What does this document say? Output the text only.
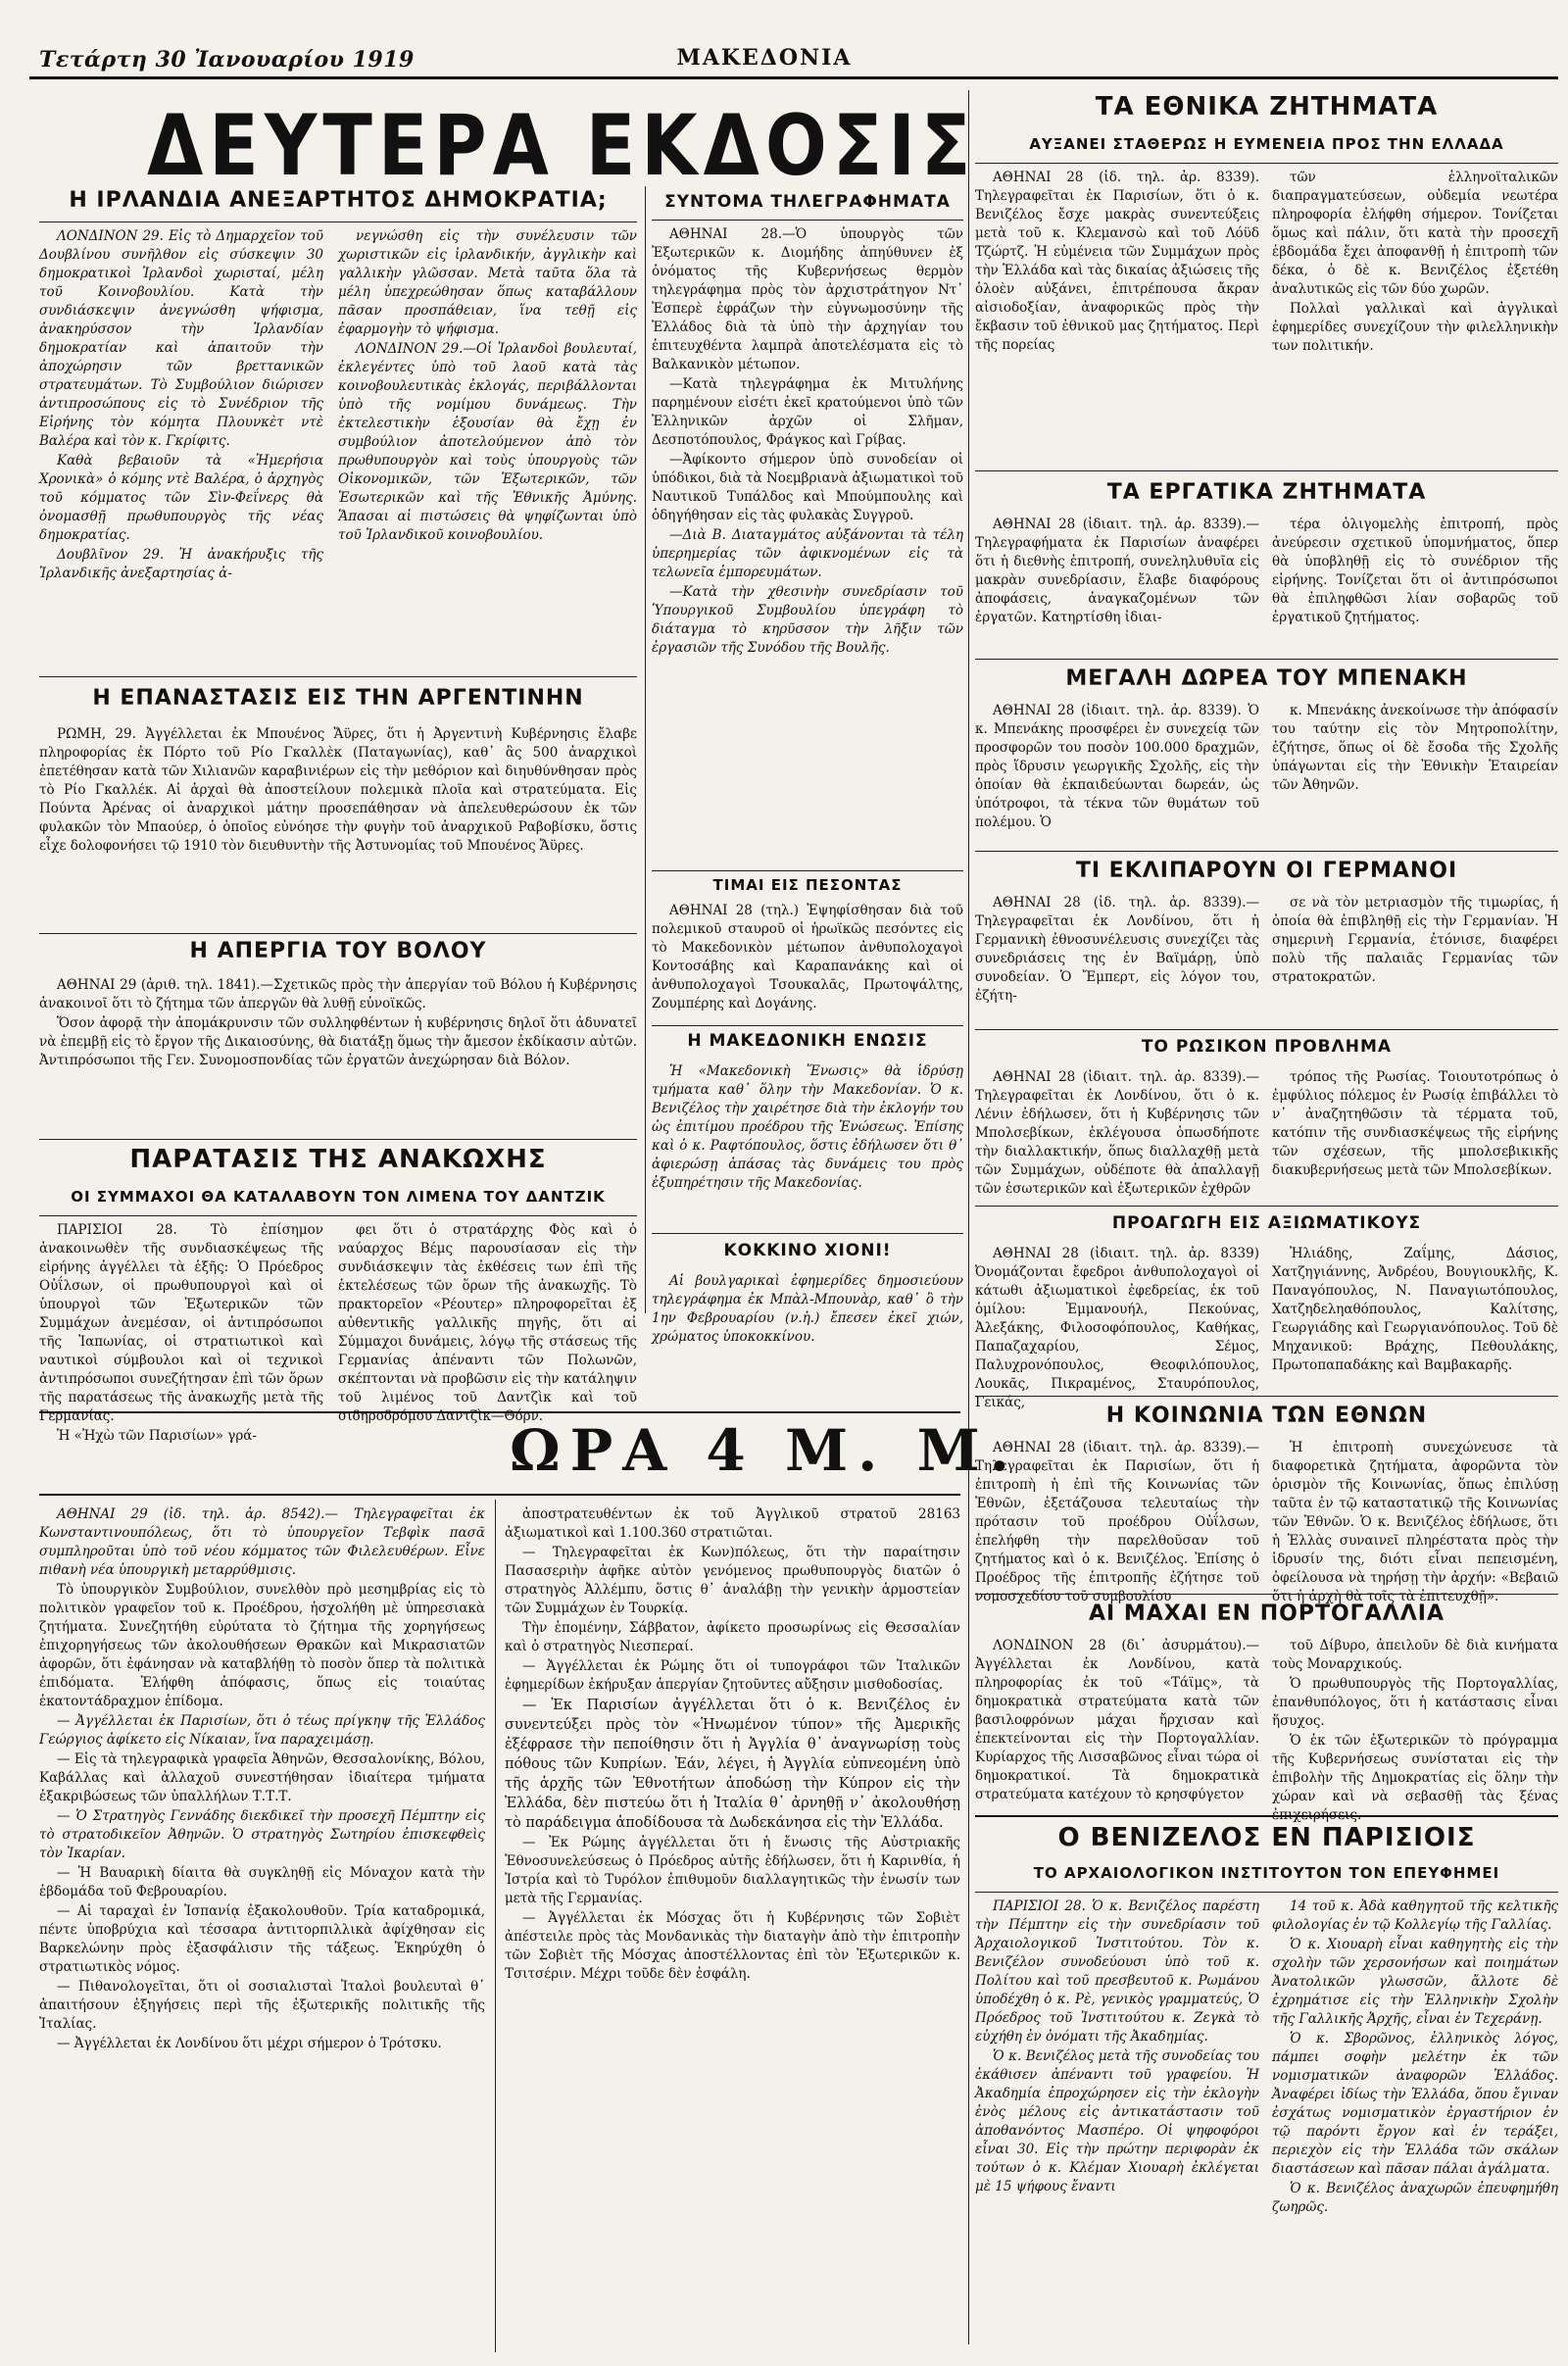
Τετάρτη 30 Ἰανουαρίου 1919	ΜΑΚΕΔΟΝΙΑ
ΔΕΥΤΕΡΑ ΕΚΔΟΣΙΣ
Η ΙΡΛΑΝΔΙΑ ΑΝΕΞΑΡΤΗΤΟΣ ΔΗΜΟΚΡΑΤΙΑ;

ΛΟΝΔΙΝΟΝ 29. Εἰς τὸ Δημαρχεῖον τοῦ Δουβλίνου συνῆλθον εἰς σύσκεψιν 30 δημοκρατικοὶ Ἰρλανδοὶ χωρισταί, μέλη τοῦ Κοινοβουλίου. Κατὰ τὴν συνδιάσκεψιν ἀνεγνώσθη ψήφισμα, ἀνακηρύσσον τὴν Ἰρλανδίαν δημοκρατίαν καὶ ἀπαιτοῦν τὴν ἀποχώρησιν τῶν βρεττανικῶν στρατευμάτων. Τὸ Συμβούλιον διώρισεν ἀντιπροσώπους εἰς τὸ Συνέδριον τῆς Εἰρήνης τὸν κόμητα Πλουνκὲτ ντὲ Βαλέρα καὶ τὸν κ. Γκρίφιτς.

Καθὰ βεβαιοῦν τὰ «Ἡμερήσια Χρονικὰ» ὁ κόμης ντὲ Βαλέρα, ὁ ἀρχηγὸς τοῦ κόμματος τῶν Σὶν-Φεΐνερς θὰ ὀνομασθῇ πρωθυπουργὸς τῆς νέας δημοκρατίας.

Δουβλῖνον 29. Ἡ ἀνακήρυξις τῆς Ἰρλανδικῆς ἀνεξαρτησίας ἀ-

νεγνώσθη εἰς τὴν συνέλευσιν τῶν χωριστικῶν εἰς ἰρλανδικήν, ἀγγλικὴν καὶ γαλλικὴν γλῶσσαν. Μετὰ ταῦτα ὅλα τὰ μέλη ὑπεχρεώθησαν ὅπως καταβάλλουν πᾶσαν προσπάθειαν, ἵνα τεθῇ εἰς ἐφαρμογὴν τὸ ψήφισμα.

ΛΟΝΔΙΝΟΝ 29.—Οἱ Ἰρλανδοὶ βουλευταί, ἐκλεγέντες ὑπὸ τοῦ λαοῦ κατὰ τὰς κοινοβουλευτικὰς ἐκλογάς, περιβάλλονται ὑπὸ τῆς νομίμου δυνάμεως. Τὴν ἐκτελεστικὴν ἐξουσίαν θὰ ἔχῃ ἐν συμβούλιον ἀποτελούμενον ἀπὸ τὸν πρωθυπουργὸν καὶ τοὺς ὑπουργοὺς τῶν Οἰκονομικῶν, τῶν Ἐξωτερικῶν, τῶν Ἐσωτερικῶν καὶ τῆς Ἐθνικῆς Ἀμύνης. Ἅπασαι αἱ πιστώσεις θὰ ψηφίζωνται ὑπὸ τοῦ Ἰρλανδικοῦ κοινοβουλίου.

Η ΕΠΑΝΑΣΤΑΣΙΣ ΕΙΣ ΤΗΝ ΑΡΓΕΝΤΙΝΗΝ

ΡΩΜΗ, 29. Ἀγγέλλεται ἐκ Μπουένος Ἄϋρες, ὅτι ἡ Ἀργεντινὴ Κυβέρνησις ἔλαβε πληροφορίας ἐκ Πόρτο τοῦ Ρίο Γκαλλὲκ (Παταγωνίας), καθ᾽ ἃς 500 ἀναρχικοὶ ἐπετέθησαν κατὰ τῶν Χιλιανῶν καραβινιέρων εἰς τὴν μεθόριον καὶ διηυθύνθησαν πρὸς τὸ Ρίο Γκαλλέκ. Αἱ ἀρχαὶ θὰ ἀποστείλουν πολεμικὰ πλοῖα καὶ στρατεύματα. Εἰς Πούντα Ἀρένας οἱ ἀναρχικοὶ μάτην προσεπάθησαν νὰ ἀπελευθερώσουν ἐκ τῶν φυλακῶν τὸν Μπαούερ, ὁ ὁποῖος εὐνόησε τὴν φυγὴν τοῦ ἀναρχικοῦ Ραβοβίσκυ, ὅστις εἶχε δολοφονήσει τῷ 1910 τὸν διευθυντὴν τῆς Ἀστυνομίας τοῦ Μπουένος Ἄϋρες.

Η ΑΠΕΡΓΙΑ ΤΟΥ ΒΟΛΟΥ

ΑΘΗΝΑΙ 29 (ἀριθ. τηλ. 1841).—Σχετικῶς πρὸς τὴν ἀπεργίαν τοῦ Βόλου ἡ Κυβέρνησις ἀνακοινοῖ ὅτι τὸ ζήτημα τῶν ἀπεργῶν θὰ λυθῇ εὐνοϊκῶς.

Ὅσον ἀφορᾷ τὴν ἀπομάκρυνσιν τῶν συλληφθέντων ἡ κυβέρνησις δηλοῖ ὅτι ἀδυνατεῖ νὰ ἐπεμβῇ εἰς τὸ ἔργον τῆς Δικαιοσύνης, θὰ διατάξῃ ὅμως τὴν ἄμεσον ἐκδίκασιν αὐτῶν. Ἀντιπρόσωποι τῆς Γεν. Συνομοσπονδίας τῶν ἐργατῶν ἀνεχώρησαν διὰ Βόλον.

ΠΑΡΑΤΑΣΙΣ ΤΗΣ ΑΝΑΚΩΧΗΣ
ΟΙ ΣΥΜΜΑΧΟΙ ΘΑ ΚΑΤΑΛΑΒΟΥΝ ΤΟΝ ΛΙΜΕΝΑ ΤΟΥ ΔΑΝΤΖΙΚ

ΠΑΡΙΣΙΟΙ 28. Τὸ ἐπίσημον ἀνακοινωθὲν τῆς συνδιασκέψεως τῆς εἰρήνης ἀγγέλλει τὰ ἑξῆς: Ὁ Πρόεδρος Οὐΐλσων, οἱ πρωθυπουργοὶ καὶ οἱ ὑπουργοὶ τῶν Ἐξωτερικῶν τῶν Συμμάχων ἀνεμέσαν, οἱ ἀντιπρόσωποι τῆς Ἰαπωνίας, οἱ στρατιωτικοὶ καὶ ναυτικοὶ σύμβουλοι καὶ οἱ τεχνικοὶ ἀντιπρόσωποι συνεζήτησαν ἐπὶ τῶν ὅρων τῆς παρατάσεως τῆς ἀνακωχῆς μετὰ τῆς Γερμανίας.

Ἡ «Ἠχὼ τῶν Παρισίων» γρά-

φει ὅτι ὁ στρατάρχης Φὸς καὶ ὁ ναύαρχος Βέμς παρουσίασαν εἰς τὴν συνδιάσκεψιν τὰς ἐκθέσεις των ἐπὶ τῆς ἐκτελέσεως τῶν ὅρων τῆς ἀνακωχῆς. Τὸ πρακτορεῖον «Ρέουτερ» πληροφορεῖται ἐξ αὐθεντικῆς γαλλικῆς πηγῆς, ὅτι αἱ Σύμμαχοι δυνάμεις, λόγῳ τῆς στάσεως τῆς Γερμανίας ἀπέναντι τῶν Πολωνῶν, σκέπτονται νὰ προβῶσιν εἰς τὴν κατάληψιν τοῦ λιμένος τοῦ Δαντζὶκ καὶ τοῦ σιδηροδρόμου Δαντζὶκ—Θόρν.

ΣΥΝΤΟΜΑ ΤΗΛΕΓΡΑΦΗΜΑΤΑ

ΑΘΗΝΑΙ 28.—Ὁ ὑπουργὸς τῶν Ἐξωτερικῶν κ. Διομήδης ἀπηύθυνεν ἐξ ὀνόματος τῆς Κυβερνήσεως θερμὸν τηλεγράφημα πρὸς τὸν ἀρχιστράτηγον Ντ᾽ Ἐσπερὲ ἐφράζων τὴν εὐγνωμοσύνην τῆς Ἑλλάδος διὰ τὰ ὑπὸ τὴν ἀρχηγίαν του ἐπιτευχθέντα λαμπρὰ ἀποτελέσματα εἰς τὸ Βαλκανικὸν μέτωπον.

—Κατὰ τηλεγράφημα ἐκ Μιτυλήνης παρημένουν εἰσέτι ἐκεῖ κρατούμενοι ὑπὸ τῶν Ἑλληνικῶν ἀρχῶν οἱ Σλῆμαν, Δεσποτόπουλος, Φράγκος καὶ Γρίβας.

—Ἀφίκοντο σήμερον ὑπὸ συνοδείαν οἱ ὑπόδικοι, διὰ τὰ Νοεμβριανὰ ἀξιωματικοὶ τοῦ Ναυτικοῦ Τυπάλδος καὶ Μπούμπουλης καὶ ὁδηγήθησαν εἰς τὰς φυλακὰς Συγγροῦ.

—Διὰ Β. Διαταγμάτος αὐξάνονται τὰ τέλη ὑπερημερίας τῶν ἀφικνομένων εἰς τὰ τελωνεῖα ἐμπορευμάτων.

—Κατὰ τὴν χθεσινὴν συνεδρίασιν τοῦ Ὑπουργικοῦ Συμβουλίου ὑπεγράφη τὸ διάταγμα τὸ κηρῦσσον τὴν λῆξιν τῶν ἐργασιῶν τῆς Συνόδου τῆς Βουλῆς.

ΤΙΜΑΙ ΕΙΣ ΠΕΣΟΝΤΑΣ

ΑΘΗΝΑΙ 28 (τηλ.) Ἐψηφίσθησαν διὰ τοῦ πολεμικοῦ σταυροῦ οἱ ἡρωϊκῶς πεσόντες εἰς τὸ Μακεδονικὸν μέτωπον ἀνθυπολοχαγοὶ Κοντοσάβης καὶ Καραπανάκης καὶ οἱ ἀνθυπολοχαγοὶ Τσουκαλᾶς, Πρωτοψάλτης, Ζουμπέρης καὶ Δογάνης.

Η ΜΑΚΕΔΟΝΙΚΗ ΕΝΩΣΙΣ

Ἡ «Μακεδονικὴ Ἕνωσις» θὰ ἱδρύσῃ τμήματα καθ᾽ ὅλην τὴν Μακεδονίαν. Ὁ κ. Βενιζέλος τὴν χαιρέτησε διὰ τὴν ἐκλογήν του ὡς ἐπιτίμου προέδρου τῆς Ἑνώσεως. Ἐπίσης καὶ ὁ κ. Ραφτόπουλος, ὅστις ἐδήλωσεν ὅτι θ᾽ ἀφιερώσῃ ἁπάσας τὰς δυνάμεις του πρὸς ἐξυπηρέτησιν τῆς Μακεδονίας.

ΚΟΚΚΙΝΟ ΧΙΟΝΙ!

Αἱ βουλγαρικαὶ ἐφημερίδες δημοσιεύουν τηλεγράφημα ἐκ Μπὰλ-Μπουνὰρ, καθ᾽ ὃ τὴν 1ην Φεβρουαρίου (ν.ἡ.) ἔπεσεν ἐκεῖ χιών, χρώματος ὑποκοκκίνου.

ΩΡΑ 4 Μ. Μ.

ΑΘΗΝΑΙ 29 (ἰδ. τηλ. ἀρ. 8542).— Τηλεγραφεῖται ἐκ Κωνσταντινουπόλεως, ὅτι τὸ ὑπουργεῖον Τεβφὶκ πασᾶ συμπληροῦται ὑπὸ τοῦ νέου κόμματος τῶν Φιλελευθέρων. Εἶνε πιθανὴ νέα ὑπουργικὴ μεταρρύθμισις.

Τὸ ὑπουργικὸν Συμβούλιον, συνελθὸν πρὸ μεσημβρίας εἰς τὸ πολιτικὸν γραφεῖον τοῦ κ. Προέδρου, ἠσχολήθη μὲ ὑπηρεσιακὰ ζητήματα. Συνεζητήθη εὐρύτατα τὸ ζήτημα τῆς χορηγήσεως ἐπιχορηγήσεως τῶν ἀκολουθήσεων Θρακῶν καὶ Μικρασιατῶν ἀφορῶν, ὅτι ἐφάνησαν νὰ καταβλήθῃ τὸ ποσὸν ὅπερ τὰ πολιτικὰ ἐπιδόματα. Ἐλήφθη ἀπόφασις, ὅπως εἰς τοιαύτας ἐκατοντάδραχμον ἐπίδομα.

— Ἀγγέλλεται ἐκ Παρισίων, ὅτι ὁ τέως πρίγκηψ τῆς Ἑλλάδος Γεώργιος ἀφίκετο εἰς Νίκαιαν, ἵνα παραχειμάσῃ.

— Εἰς τὰ τηλεγραφικὰ γραφεῖα Ἀθηνῶν, Θεσσαλονίκης, Βόλου, Καβάλλας καὶ ἀλλαχοῦ συνεστήθησαν ἰδιαίτερα τμήματα ἐξακριβώσεως τῶν ὑπαλλήλων Τ.Τ.Τ.

— Ὁ Στρατηγὸς Γεννάδης διεκδικεῖ τὴν προσεχῆ Πέμπτην εἰς τὸ στρατοδικεῖον Ἀθηνῶν. Ὁ στρατηγὸς Σωτηρίου ἐπισκεφθεὶς τὸν Ἰκαρίαν.

— Ἡ Βαυαρικὴ δίαιτα θὰ συγκληθῇ εἰς Μόναχον κατὰ τὴν ἑβδομάδα τοῦ Φεβρουαρίου.

— Αἱ ταραχαὶ ἐν Ἰσπανίᾳ ἐξακολουθοῦν. Τρία καταδρομικά, πέντε ὑποβρύχια καὶ τέσσαρα ἀντιτορπιλλικὰ ἀφίχθησαν εἰς Βαρκελώνην πρὸς ἐξασφάλισιν τῆς τάξεως. Ἐκηρύχθη ὁ στρατιωτικὸς νόμος.

— Πιθανολογεῖται, ὅτι οἱ σοσιαλισταὶ Ἰταλοὶ βουλευταὶ θ᾽ ἀπαιτήσουν ἐξηγήσεις περὶ τῆς ἐξωτερικῆς πολιτικῆς τῆς Ἰταλίας.

— Ἀγγέλλεται ἐκ Λονδίνου ὅτι μέχρι σήμερον ὁ Τρότσκυ.

ἀποστρατευθέντων ἐκ τοῦ Ἀγγλικοῦ στρατοῦ 28163 ἀξιωματικοὶ καὶ 1.100.360 στρατιῶται.

— Τηλεγραφεῖται ἐκ Κων)πόλεως, ὅτι τὴν παραίτησιν Πασασεριὴν ἀφῆκε αὐτὸν γενόμενος πρωθυπουργὸς διατῶν ὁ στρατηγὸς Ἀλλέμπυ, ὅστις θ᾽ ἀναλάβῃ τὴν γενικὴν ἁρμοστείαν τῶν Συμμάχων ἐν Τουρκίᾳ.

Τὴν ἑπομένην, Σάββατον, ἀφίκετο προσωρίνως εἰς Θεσσαλίαν καὶ ὁ στρατηγὸς Νιεσπεραί.

— Ἀγγέλλεται ἐκ Ρώμης ὅτι οἱ τυπογράφοι τῶν Ἰταλικῶν ἐφημερίδων ἐκήρυξαν ἀπεργίαν ζητοῦντες αὔξησιν μισθοδοσίας.

— Ἐκ Παρισίων ἀγγέλλεται ὅτι ὁ κ. Βενιζέλος ἐν συνεντεύξει πρὸς τὸν «Ἡνωμένον τύπον» τῆς Ἀμερικῆς ἐξέφρασε τὴν πεποίθησιν ὅτι ἡ Ἀγγλία θ᾽ ἀναγνωρίσῃ τοὺς πόθους τῶν Κυπρίων. Ἐάν, λέγει, ἡ Ἀγγλία εὐπνεομένη ὑπὸ τῆς ἀρχῆς τῶν Ἐθνοτήτων ἀποδώσῃ τὴν Κύπρον εἰς τὴν Ἑλλάδα, δὲν πιστεύω ὅτι ἡ Ἰταλία θ᾽ ἀρνηθῇ ν᾽ ἀκολουθήσῃ τὸ παράδειγμα ἀποδίδουσα τὰ Δωδεκάνησα εἰς τὴν Ἑλλάδα.

— Ἐκ Ρώμης ἀγγέλλεται ὅτι ἡ ἔνωσις τῆς Αὐστριακῆς Ἐθνοσυνελεύσεως ὁ Πρόεδρος αὐτῆς ἐδήλωσεν, ὅτι ἡ Καρινθία, ἡ Ἰστρία καὶ τὸ Τυρόλον ἐπιθυμοῦν διαλλαγητικῶς τὴν ἑνωσίν των μετὰ τῆς Γερμανίας.

— Ἀγγέλλεται ἐκ Μόσχας ὅτι ἡ Κυβέρνησις τῶν Σοβιὲτ ἀπέστειλε πρὸς τὰς Μονδανικὰς τὴν διαταγὴν ἀπὸ τὴν ἐπιτροπὴν τῶν Σοβιὲτ τῆς Μόσχας ἀποστέλλοντας ἐπὶ τὸν Ἐξωτερικῶν κ. Τσιτσέριν. Μέχρι τοῦδε δὲν ἐσφάλη.

ΤΑ ΕΘΝΙΚΑ ΖΗΤΗΜΑΤΑ
ΑΥΞΑΝΕΙ ΣΤΑΘΕΡΩΣ Η ΕΥΜΕΝΕΙΑ ΠΡΟΣ ΤΗΝ ΕΛΛΑΔΑ

ΑΘΗΝΑΙ 28 (ἰδ. τηλ. ἀρ. 8339). Τηλεγραφεῖται ἐκ Παρισίων, ὅτι ὁ κ. Βενιζέλος ἔσχε μακρὰς συνεντεύξεις μετὰ τοῦ κ. Κλεμανσὼ καὶ τοῦ Λόϋδ Τζώρτζ. Ἡ εὐμένεια τῶν Συμμάχων πρὸς τὴν Ἑλλάδα καὶ τὰς δικαίας ἀξιώσεις τῆς ὁλοὲν αὐξάνει, ἐπιτρέπουσα ἄκραν αἰσιοδοξίαν, ἀναφορικῶς πρὸς τὴν ἔκβασιν τοῦ ἐθνικοῦ μας ζητήματος. Περὶ τῆς πορείας

τῶν ἑλληνοϊταλικῶν διαπραγματεύσεων, οὐδεμία νεωτέρα πληροφορία ἐλήφθη σήμερον. Τονίζεται ὅμως καὶ πάλιν, ὅτι κατὰ τὴν προσεχῆ ἑβδομάδα ἔχει ἀποφανθῇ ἡ ἐπιτροπὴ τῶν δέκα, ὁ δὲ κ. Βενιζέλος ἐξετέθη ἀναλυτικῶς εἰς τῶν δύο χωρῶν.

Πολλαὶ γαλλικαὶ καὶ ἀγγλικαὶ ἐφημερίδες συνεχίζουν τὴν φιλελληνικὴν των πολιτικήν.

ΤΑ ΕΡΓΑΤΙΚΑ ΖΗΤΗΜΑΤΑ

ΑΘΗΝΑΙ 28 (ἰδιαιτ. τηλ. ἀρ. 8339).— Τηλεγραφήματα ἐκ Παρισίων ἀναφέρει ὅτι ἡ διεθνὴς ἐπιτροπή, συνεληλυθυῖα εἰς μακρὰν συνεδρίασιν, ἔλαβε διαφόρους ἀποφάσεις, ἀναγκαζομένων τῶν ἐργατῶν. Κατηρτίσθη ἰδιαι-

τέρα ὀλιγομελὴς ἐπιτροπή, πρὸς ἀνεύρεσιν σχετικοῦ ὑπομνήματος, ὅπερ θὰ ὑποβληθῇ εἰς τὸ συνέδριον τῆς εἰρήνης. Τονίζεται ὅτι οἱ ἀντιπρόσωποι θὰ ἐπιληφθῶσι λίαν σοβαρῶς τοῦ ἐργατικοῦ ζητήματος.

ΜΕΓΑΛΗ ΔΩΡΕΑ ΤΟΥ ΜΠΕΝΑΚΗ

ΑΘΗΝΑΙ 28 (ἰδιαιτ. τηλ. ἀρ. 8339). Ὁ κ. Μπενάκης προσφέρει ἐν συνεχείᾳ τῶν προσφορῶν του ποσὸν 100.000 δραχμῶν, πρὸς ἵδρυσιν γεωργικῆς Σχολῆς, εἰς τὴν ὁποίαν θὰ ἐκπαιδεύωνται δωρεάν, ὡς ὑπότροφοι, τὰ τέκνα τῶν θυμάτων τοῦ πολέμου. Ὁ

κ. Μπενάκης ἀνεκοίνωσε τὴν ἀπόφασίν του ταύτην εἰς τὸν Μητροπολίτην, ἐζήτησε, ὅπως οἱ δὲ ἔσοδα τῆς Σχολῆς ὑπάγωνται εἰς τὴν Ἐθνικὴν Ἑταιρείαν τῶν Ἀθηνῶν.

ΤΙ ΕΚΛΙΠΑΡΟΥΝ ΟΙ ΓΕΡΜΑΝΟΙ

ΑΘΗΝΑΙ 28 (ἰδ. τηλ. ἀρ. 8339).— Τηλεγραφεῖται ἐκ Λονδίνου, ὅτι ἡ Γερμανικὴ ἐθνοσυνέλευσις συνεχίζει τὰς συνεδριάσεις της ἐν Βαϊμάρῃ, ὑπὸ συνοδείαν. Ὁ Ἔμπερτ, εἰς λόγον του, ἐζήτη-

σε νὰ τὸν μετριασμὸν τῆς τιμωρίας, ἡ ὁποία θὰ ἐπιβληθῇ εἰς τὴν Γερμανίαν. Ἡ σημερινὴ Γερμανία, ἐτόνισε, διαφέρει πολὺ τῆς παλαιᾶς Γερμανίας τῶν στρατοκρατῶν.

ΤΟ ΡΩΣΙΚΟΝ ΠΡΟΒΛΗΜΑ

ΑΘΗΝΑΙ 28 (ἰδιαιτ. τηλ. ἀρ. 8339).— Τηλεγραφεῖται ἐκ Λονδίνου, ὅτι ὁ κ. Λένιν ἐδήλωσεν, ὅτι ἡ Κυβέρνησις τῶν Μπολσεβίκων, ἐκλέγουσα ὁπωσδήποτε τὴν διαλλακτικήν, ὅπως διαλλαχθῇ μετὰ τῶν Συμμάχων, οὐδέποτε θὰ ἀπαλλαγῇ τῶν ἐσωτερικῶν καὶ ἐξωτερικῶν ἐχθρῶν

τρόπος τῆς Ρωσίας. Τοιουτοτρόπως ὁ ἐμφύλιος πόλεμος ἐν Ρωσίᾳ ἐπιβάλλει τὸ ν᾽ ἀναζητηθῶσιν τὰ τέρματα τοῦ, κατόπιν τῆς συνδιασκέψεως τῆς εἰρήνης τῶν σχέσεων, τῆς μπολσεβικικῆς διακυβερνήσεως μετὰ τῶν Μπολσεβίκων.

ΠΡΟΑΓΩΓΗ ΕΙΣ ΑΞΙΩΜΑΤΙΚΟΥΣ

ΑΘΗΝΑΙ 28 (ἰδιαιτ. τηλ. ἀρ. 8339) Ὀνομάζονται ἔφεδροι ἀνθυπολοχαγοὶ οἱ κάτωθι ἀξιωματικοὶ ἐφεδρείας, ἐκ τοῦ ὁμίλου: Ἐμμανουήλ, Πεκούνας, Ἀλεξάκης, Φιλοσοφόπουλος, Καθήκας, Παπαζαχαρίου, Σέμος, Παλυχρονόπουλος, Θεοφιλόπουλος, Λουκᾶς, Πικραμένος, Σταυρόπουλος, Γεικάς,

Ἠλιάδης, Ζαΐμης, Δάσιος, Χατζηγιάννης, Ἀνδρέου, Βουγιουκλῆς, Κ. Παναγόπουλος, Ν. Παναγιωτόπουλος, Χατζηδεληαθόπουλος, Καλίτσης, Γεωργιάδης καὶ Γεωργιανόπουλος. Τοῦ δὲ Μηχανικοῦ: Βράχης, Πεθουλάκης, Πρωτοπαπαδάκης καὶ Βαμβακαρῆς.

Η ΚΟΙΝΩΝΙΑ ΤΩΝ ΕΘΝΩΝ

ΑΘΗΝΑΙ 28 (ἰδιαιτ. τηλ. ἀρ. 8339).—Τηλεγραφεῖται ἐκ Παρισίων, ὅτι ἡ ἐπιτροπὴ ἡ ἐπὶ τῆς Κοινωνίας τῶν Ἐθνῶν, ἐξετάζουσα τελευταίως τὴν πρότασιν τοῦ προέδρου Οὐΐλσων, ἐπελήφθη τὴν παρελθοῦσαν τοῦ ζητήματος καὶ ὁ κ. Βενιζέλος. Ἐπίσης ὁ Προέδρος τῆς ἐπιτροπῆς ἐζήτησε τοῦ νομοσχεδίου τοῦ συμβουλίου

Ἡ ἐπιτροπὴ συνεχώνευσε τὰ διαφορετικὰ ζητήματα, ἀφορῶντα τὸν ὁρισμὸν τῆς Κοινωνίας, ὅπως ἐπιλύσῃ ταῦτα ἐν τῷ καταστατικῷ τῆς Κοινωνίας τῶν Ἐθνῶν. Ὁ κ. Βενιζέλος ἐδήλωσε, ὅτι ἡ Ἑλλὰς συναινεῖ πληρέστατα πρὸς τὴν ἱδρυσίν της, διότι εἶναι πεπεισμένη, ὀφείλουσα νὰ τηρήσῃ τὴν ἀρχήν: «Βεβαιῶ ὅτι ἡ ἀρχὴ θὰ τοῖς τὰ ἐπιτευχθῇ».

ΑΙ ΜΑΧΑΙ ΕΝ ΠΟΡΤΟΓΑΛΛΙΑ

ΛΟΝΔΙΝΟΝ 28 (δι᾽ ἀσυρμάτου).— Ἀγγέλλεται ἐκ Λονδίνου, κατὰ πληροφορίας ἐκ τοῦ «Τάϊμς», τὰ δημοκρατικὰ στρατεύματα κατὰ τῶν βασιλοφρόνων μάχαι ἤρχισαν καὶ ἐπεκτείνονται εἰς τὴν Πορτογαλλίαν. Κυρίαρχος τῆς Λισσαβῶνος εἶναι τώρα οἱ δημοκρατικοί. Τὰ δημοκρατικὰ στρατεύματα κατέχουν τὸ κρησφύγετον

τοῦ Δίβυρο, ἀπειλοῦν δὲ διὰ κινήματα τοὺς Μοναρχικούς.

Ὁ πρωθυπουργὸς τῆς Πορτογαλλίας, ἐπανθυπόλογος, ὅτι ἡ κατάστασις εἶναι ἥσυχος.

Ὁ ἐκ τῶν ἐξωτερικῶν τὸ πρόγραμμα τῆς Κυβερνήσεως συνίσταται εἰς τὴν ἐπιβολὴν τῆς Δημοκρατίας εἰς ὅλην τὴν χώραν καὶ νὰ σεβασθῇ τὰς ξένας ἐπιχειρήσεις.

Ο ΒΕΝΙΖΕΛΟΣ ΕΝ ΠΑΡΙΣΙΟΙΣ
ΤΟ ΑΡΧΑΙΟΛΟΓΙΚΟΝ ΙΝΣΤΙΤΟΥΤΟΝ ΤΟΝ ΕΠΕΥΦΗΜΕΙ

ΠΑΡΙΣΙΟΙ 28. Ὁ κ. Βενιζέλος παρέστη τὴν Πέμπτην εἰς τὴν συνεδρίασιν τοῦ Ἀρχαιολογικοῦ Ἰνστιτούτου. Τὸν κ. Βενιζέλον συνοδεύουσι ὑπὸ τοῦ κ. Πολίτου καὶ τοῦ πρεσβευτοῦ κ. Ρωμάνου ὑποδέχθη ὁ κ. Ρὲ, γενικὸς γραμματεύς, Ὁ Πρόεδρος τοῦ Ἰνστιτούτου κ. Ζεγκὰ τὸ εὐχήθη ἐν ὀνόματι τῆς Ἀκαδημίας.

Ὁ κ. Βενιζέλος μετὰ τῆς συνοδείας του ἐκάθισεν ἀπέναντι τοῦ γραφείου. Ἡ Ἀκαδημία ἐπροχώρησεν εἰς τὴν ἐκλογὴν ἑνὸς μέλους εἰς ἀντικατάστασιν τοῦ ἀποθανόντος Μασπέρο. Οἱ ψηφοφόροι εἶναι 30. Εἰς τὴν πρώτην περιφορὰν ἐκ τούτων ὁ κ. Κλέμαν Χιουαρὴ ἐκλέγεται μὲ 15 ψήφους ἔναντι

14 τοῦ κ. Ἀδὰ καθηγητοῦ τῆς κελτικῆς φιλολογίας ἐν τῷ Κολλεγίῳ τῆς Γαλλίας.

Ὁ κ. Χιουαρὴ εἶναι καθηγητὴς εἰς τὴν σχολὴν τῶν χερσονήσων καὶ ποιημάτων Ἀνατολικῶν γλωσσῶν, ἄλλοτε δὲ ἐχρημάτισε εἰς τὴν Ἑλληνικὴν Σχολὴν τῆς Γαλλικῆς Ἀρχῆς, εἶναι ἐν Τεχεράνῃ.

Ὁ κ. Σβορῶνος, ἑλληνικὸς λόγος, πάμπει σοφὴν μελέτην ἐκ τῶν νομισματικῶν ἀναφορῶν Ἑλλάδος. Ἀναφέρει ἰδίως τὴν Ἑλλάδα, ὅπου ἔγιναν ἐσχάτως νομισματικὸν ἐργαστήριον ἐν τῷ παρόντι ἔργον καὶ ἐν τεράξει, περιεχὸν εἰς τὴν Ἑλλάδα τῶν σκάλων διαστάσεων καὶ πᾶσαν πάλαι ἀγάλματα.

Ὁ κ. Βενιζέλος ἀναχωρῶν ἐπευφημήθη ζωηρῶς.
